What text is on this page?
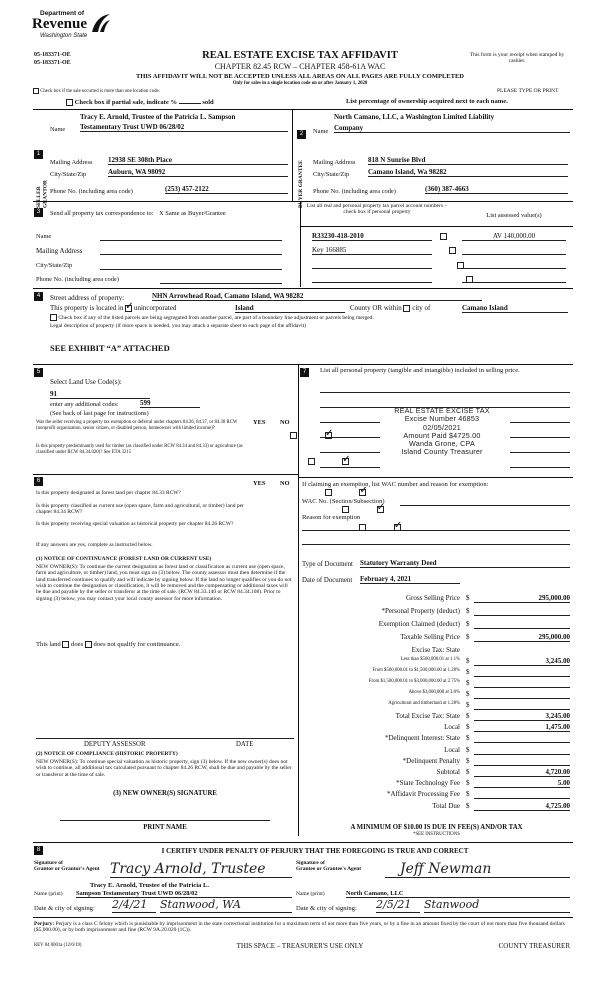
Department of
Revenue
Washington State
05-183371-OE
05-183371-OE
REAL ESTATE EXCISE TAX AFFIDAVIT
CHAPTER 82.45 RCW – CHAPTER 458-61A WAC
THIS AFFIDAVIT WILL NOT BE ACCEPTED UNLESS ALL AREAS ON ALL PAGES ARE FULLY COMPLETED
Only for sales in a single location code on or after January 1, 2020
This form is your receipt when stamped by cashier.
PLEASE TYPE OR PRINT
Check box if the sale occurred is more than one location code.
Check box if partial sale, indicate %	sold	List percentage of ownership acquired next to each name.
1
SELLER GRANTOR
Name
Tracy E. Arnold, Trustee of the Patricia L. Sampson
Testamentary Trust UWD 06/28/02
Mailing Address 12938 SE 308th Place
City/State/Zip	Auburn, WA 98092
Phone No. (including area code)	(253) 457-2122
2
BUYER GRANTEE
Name
North Camano, LLC, a Washington Limited Liability
Company
Mailing Address 818 N Sunrise Blvd
City/State/Zip	Camano Island, Wa 98282
Phone No. (including area code)	(360) 387-4663
3	Send all property tax correspondence to: X Same as Buyer/Grantee
Name
Mailing Address
City/State/Zip
Phone No. (including area code)
List all real and personal property tax parcel account numbers – check box if personal property	List assessed value(s)
R33230-418-2010
	AV 140,000.00
Key 166885

4	Street address of property:	NHN Arrowhead Road, Camano Island, WA 98282
This property is located in ✓ unincorporated	Island	County OR within city of	Camano Island
Check box if any of the listed parcels are being segregated from another parcel, are part of a boundary line adjustment or parcels being merged.
Legal description of property (if more space is needed, you may attach a separate sheet to each page of the affidavit)
SEE EXHIBIT “A” ATTACHED
5
Select Land Use Code(s):
91
enter any additional codes:	599
(See back of last page for instructions)
YES NO
Was the seller receiving a property tax exemption or deferral under chapters 84.36, 84.37, or 84.38 RCW (nonprofit organization, senior citizen, or disabled person, homeowner with limited income)?
✓
Is this property predominantly used for timber (as classified under RCW 84.34 and 84.33) or agriculture (as classified under RCW 84.34.020)? See ETA 3215
✓
6	YES NO
Is this property designated as forest land per chapter 84.33 RCW?
✓
Is this property classified as current use (open space, farm and agricultural, or timber) land per chapter 84.34 RCW?
✓
Is this property receiving special valuation as historical property per chapter 84.26 RCW?
✓
If any answers are yes, complete as instructed below.
(1) NOTICE OF CONTINUANCE (FOREST LAND OR CURRENT USE)
NEW OWNER(S): To continue the current designation as forest land or classification as current use (open space, farm and agriculture, or timber) land, you must sign on (3) below. The county assessor must then determine if the land transferred continues to qualify and will indicate by signing below. If the land no longer qualifies or you do not wish to continue the designation or classification, it will be removed and the compensating or additional taxes will be due and payable by the seller or transferor at the time of sale. (RCW 84.33.140 or RCW 84.34.108). Prior to signing (3) below, you may contact your local county assessor for more information.
This land does does not qualify for continuance.
DEPUTY ASSESSOR	DATE
(2) NOTICE OF COMPLIANCE (HISTORIC PROPERTY)
NEW OWNER(S): To continue special valuation as historic property, sign (3) below. If the new owner(s) does not wish to continue, all additional tax calculated pursuant to chapter 84.26 RCW, shall be due and payable by the seller or transferor at the time of sale.
(3) NEW OWNER(S) SIGNATURE
PRINT NAME
7	List all personal property (tangible and intangible) included in selling price.
REAL ESTATE EXCISE TAX
Excise Number 46853
02/05/2021
Amount Paid $4725.00
Wanda Grone, CPA
Island County Treasurer
If claiming an exemption, list WAC number and reason for exemption:
WAC No. (Section/Subsection)
Reason for exemption
Type of Document Statutory Warranty Deed
Date of Document February 4, 2021
Gross Selling Price $	295,000.00
*Personal Property (deduct) $
Exemption Claimed (deduct) $
Taxable Selling Price $	295,000.00
Excise Tax: State
Less than $500,000.01 at 1.1% $	3,245.00
From $500,000.01 to $1,500,000.00 at 1.28% $
From $1,500,000.01 to $3,000,000.00 at 2.75% $
Above $3,000,000 at 3.0% $
Agricultural and timberland at 1.28% $
Total Excise Tax: State $	3,245.00
Local $	1,475.00
*Delinquent Interest: State $
Local $
*Delinquent Penalty $
Subtotal $	4,720.00
*State Technology Fee $	5.00
*Affidavit Processing Fee $
Total Due $	4,725.00
A MINIMUM OF $10.00 IS DUE IN FEE(S) AND/OR TAX
*SEE INSTRUCTIONS
8	I CERTIFY UNDER PENALTY OF PERJURY THAT THE FOREGOING IS TRUE AND CORRECT
Signature of
Grantor or Grantor's Agent Tracy Arnold, Trustee
Tracy E. Arnold, Trustee of the Patricia L.
Name (print) Sampson Testamentary Trust UWD 06/28/02
Date & city of signing: 2/4/21	Stanwood, WA
Signature of
Grantee or Grantee's Agent	Jeff Newman
Name (print)	North Camano, LLC
Date & city of signing: 2/5/21	Stanwood
Perjury: Perjury is a class C felony which is punishable by imprisonment in the state correctional institution for a maximum term of not more than five years, or by a fine in an amount fixed by the court of not more than five thousand dollars ($5,000.00), or by both imprisonment and fine (RCW 9A.20.020 (1C)).
REV 84 0001a (12/6/19)	THIS SPACE – TREASURER'S USE ONLY	COUNTY TREASURER
